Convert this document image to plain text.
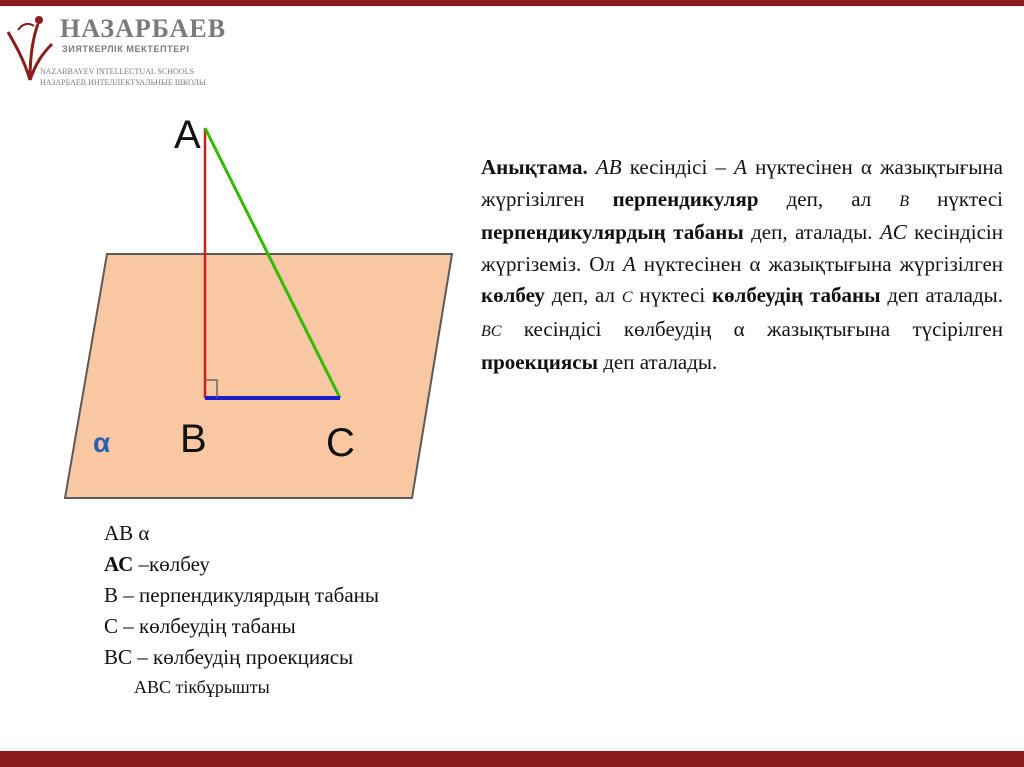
НАЗАРБАЕВ
ЗИЯТКЕРЛІК МЕКТЕПТЕРІ
NAZARBAYEV INTELLECTUAL SCHOOLS
НАЗАРБАЕВ ИНТЕЛЛЕКТУАЛЬНЫЕ ШКОЛЫ
A
B	C
α
Анықтама. AB кесіндісі – A нүктесінен α жазықтығына жүргізілген перпендикуляр деп, ал B нүктесі перпендикулярдың табаны деп, аталады. AC кесіндісін жүргіземіз. Ол A нүктесінен α жазықтығына жүргізілген көлбеу деп, ал C нүктесі көлбеудің табаны деп аталады. BC кесіндісі көлбеудің α жазықтығына түсірілген проекциясы деп аталады.
АВ α
АС –көлбеу
В – перпендикулярдың табаны
С – көлбеудің табаны
ВС – көлбеудің проекциясы
ABC тікбұрышты
